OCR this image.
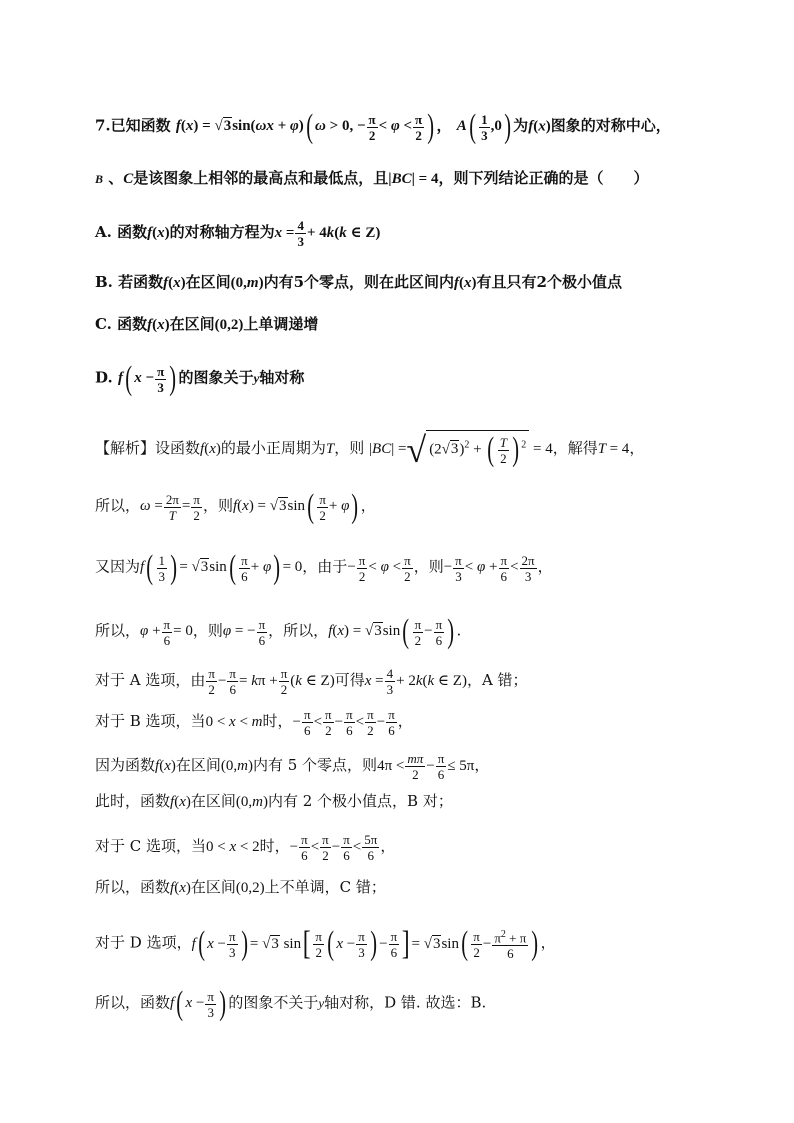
7.已知函数 f(x) = √3sin(ωx + φ)( ω > 0, − $\frac{\pi}{2} < \varphi < \frac{\pi}{2}$ ) ， $A( \frac{1}{3} ,0)$ 为f(x)图象的对称中心，
B 、C是该图象上相邻的最高点和最低点，且|BC| = 4，则下列结论正确的是（　　）
A. 函数f(x)的对称轴方程为$x = \frac{4}{3} + 4k(k$ ∈ Z)
B. 若函数f(x)在区间(0,m)内有5个零点，则在此区间内f(x)有且只有2个极小值点
C. 函数f(x)在区间(0,2)上单调递增
D. f( $x - \frac{\pi}{3}$ ) 的图象关于y轴对称
【解析】设函数f(x)的最小正周期为T，则 |BC| =√ $(2√3)^2$ + ( $\frac{T}{2}$ ) $^2$ = 4，解得T = 4，
所以，$\omega = \frac{2\pi}{T} = \frac{\pi}{2}$ ，则$f(x) = √3\sin( \frac{\pi}{2} + \varphi)$ ，
又因为$f( \frac{1}{3}$ ) = $√3\sin( \frac{\pi}{6} + \varphi) = 0$，由于− $\frac{\pi}{2} < \varphi < \frac{\pi}{2}$ ，则− $\frac{\pi}{3} < \varphi + \frac{\pi}{6} < \frac{2\pi}{3}$ ，
所以，$\varphi + \frac{\pi}{6} = 0$，则φ = − $\frac{\pi}{6}$ ，所以，$f(x) = √3\sin( \frac{\pi}{2} - \frac{\pi}{6}$ ) .
对于 A 选项，由 $\frac{\pi}{2} - \frac{\pi}{6} = k\pi + \frac{\pi}{2} (k$ ∈ Z)可得$x = \frac{4}{3} + 2k(k$ ∈ Z)，A 错；
对于 B 选项，当0 < x < m时，− $\frac{\pi}{6} < \frac{\pi}{2} - \frac{\pi}{6} < \frac{\pi}{2} - \frac{\pi}{6}$ ，
因为函数f(x)在区间(0,m)内有 5 个零点，则$4\pi < \frac{m\pi}{2} - \frac{\pi}{6} \le 5\pi$，
此时，函数f(x)在区间(0,m)内有 2 个极小值点，B 对；
对于 C 选项，当0 < x < 2时，− $\frac{\pi}{6} < \frac{\pi}{2} - \frac{\pi}{6} < \frac{5\pi}{6}$ ，
所以，函数f(x)在区间(0,2)上不单调，C 错；
对于 D 选项，f( $x - \frac{\pi}{3}$ ) = √3 $\sin[ \frac{\pi}{2}$ ( $x - \frac{\pi}{3}$ ) − $\frac{\pi}{6}$ ] = $√3\sin( \frac{\pi}{2} - \frac{\pi^2 + \pi}{6}$ ) ，
所以，函数f( $x - \frac{\pi}{3}$ ) 的图象不关于y轴对称，D 错. 故选：B.
